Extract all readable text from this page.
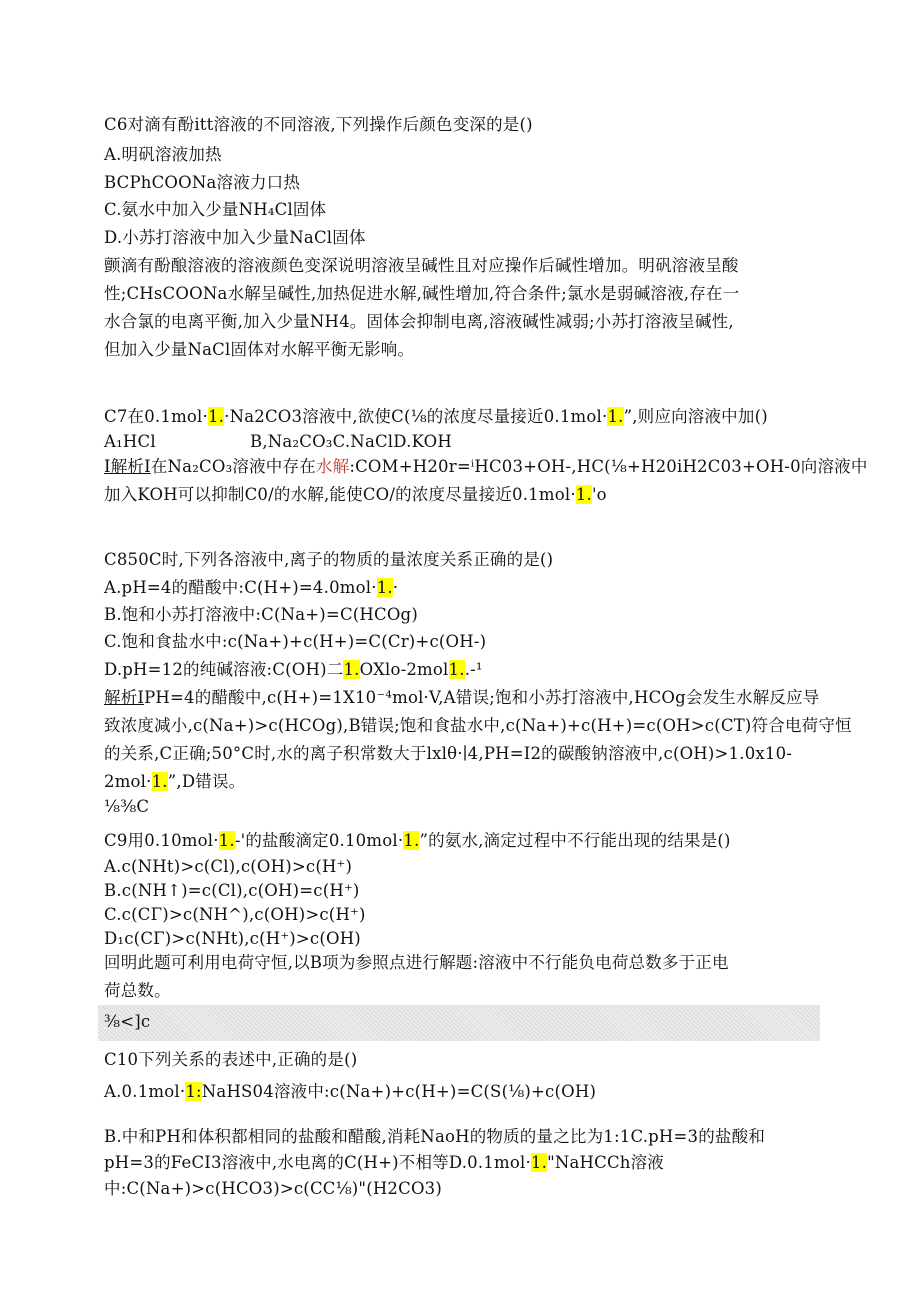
C6对滴有酚itt溶液的不同溶液,下列操作后颜色变深的是()
A.明矾溶液加热
BCPhCOONa溶液力口热
C.氨水中加入少量NH₄Cl固体
D.小苏打溶液中加入少量NaCl固体
颤滴有酚酿溶液的溶液颜色变深说明溶液呈碱性且对应操作后碱性增加。明矾溶液呈酸
性;CHsCOONa水解呈碱性,加热促进水解,碱性增加,符合条件;氯水是弱碱溶液,存在一
水合氯的电离平衡,加入少量NH4。固体会抑制电离,溶液碱性减弱;小苏打溶液呈碱性,
但加入少量NaCl固体对水解平衡无影响。
C7在0.1mol·1.·Na2CO3溶液中,欲使C(⅛的浓度尽量接近0.1mol·1.”,则应向溶液中加()
A₁HCl	B,Na₂CO₃C.NaClD.KOH
I解析I在Na₂CO₃溶液中存在水解:COM+H20r=ⁱHC03+OH-,HC(⅛+H20iH2C03+OH-0向溶液中
加入KOH可以抑制C0/的水解,能使CO/的浓度尽量接近0.1mol·1.'o
C850C时,下列各溶液中,离子的物质的量浓度关系正确的是()
A.pH=4的醋酸中:C(H+)=4.0mol·1.·
B.饱和小苏打溶液中:C(Na+)=C(HCOg)
C.饱和食盐水中:c(Na+)+c(H+)=C(Cr)+c(OH-)
D.pH=12的纯碱溶液:C(OH)二1.OXlo-2mol1..-¹
解析IPH=4的醋酸中,c(H+)=1X10⁻⁴mol·V,A错误;饱和小苏打溶液中,HCOg会发生水解反应导
致浓度减小,c(Na+)>c(HCOg),B错误;饱和食盐水中,c(Na+)+c(H+)=c(OH>c(CT)符合电荷守恒
的关系,C正确;50°C时,水的离子积常数大于lxlθ·∣4,PH=I2的碳酸钠溶液中,c(OH)>1.0x10-
2mol·1.”,D错误。
⅛⅜C
C9用0.10mol·1.-'的盐酸滴定0.10mol·1.”的氨水,滴定过程中不行能出现的结果是()
A.c(NHt)>c(Cl),c(OH)>c(H⁺)
B.c(NH↑)=c(Cl),c(OH)=c(H⁺)
C.c(CΓ)>c(NH^),c(OH)>c(H⁺)
D₁c(CΓ)>c(NHt),c(H⁺)>c(OH)
回明此题可利用电荷守恒,以B项为参照点进行解题:溶液中不行能负电荷总数多于正电
荷总数。
⅜<]c
C10下列关系的表述中,正确的是()
A.0.1mol·1:NaHS04溶液中:c(Na+)+c(H+)=C(S(⅛)+c(OH)
B.中和PH和体积都相同的盐酸和醋酸,消耗NaoH的物质的量之比为1:1C.pH=3的盐酸和
pH=3的FeCI3溶液中,水电离的C(H+)不相等D.0.1mol·1."NaHCCh溶液
中:C(Na+)>c(HCO3)>c(CC⅛)"(H2CO3)
